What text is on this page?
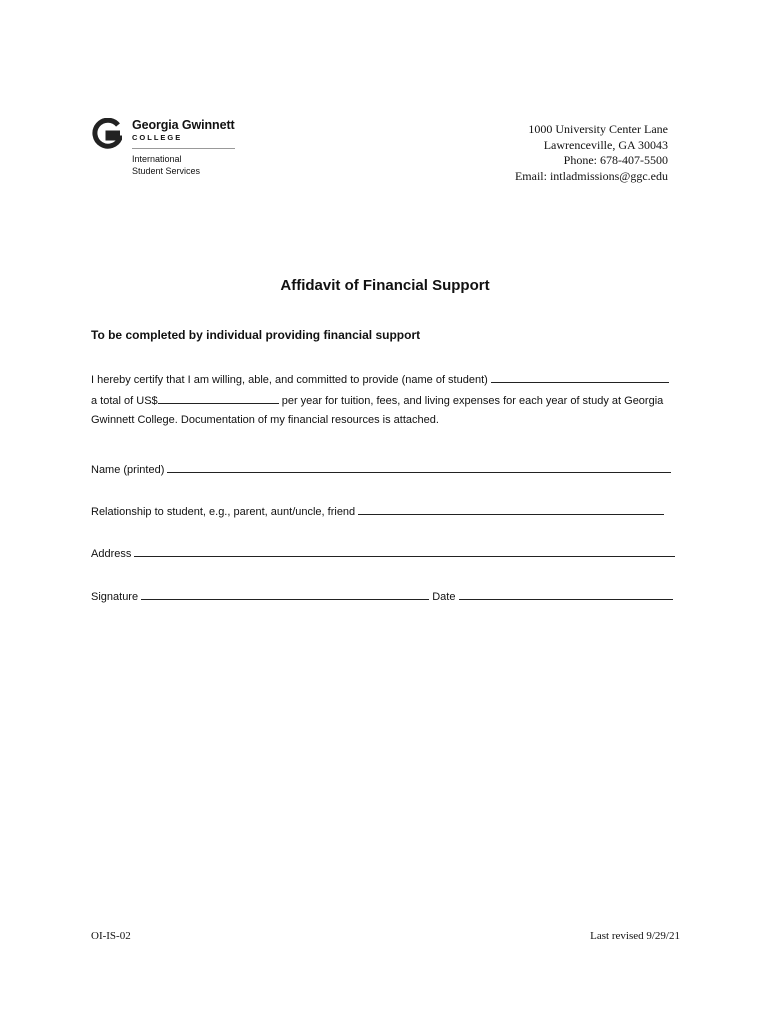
Georgia Gwinnett
COLLEGE
International
Student Services
1000 University Center Lane
Lawrenceville, GA 30043
Phone: 678-407-5500
Email: intladmissions@ggc.edu
Affidavit of Financial Support
To be completed by individual providing financial support
I hereby certify that I am willing, able, and committed to provide (name of student)
a total of US$	per year for tuition, fees, and living expenses for each year of study at Georgia
Gwinnett College. Documentation of my financial resources is attached.
Name (printed)
Relationship to student, e.g., parent, aunt/uncle, friend
Address
Signature	Date
OI-IS-02	Last revised 9/29/21
